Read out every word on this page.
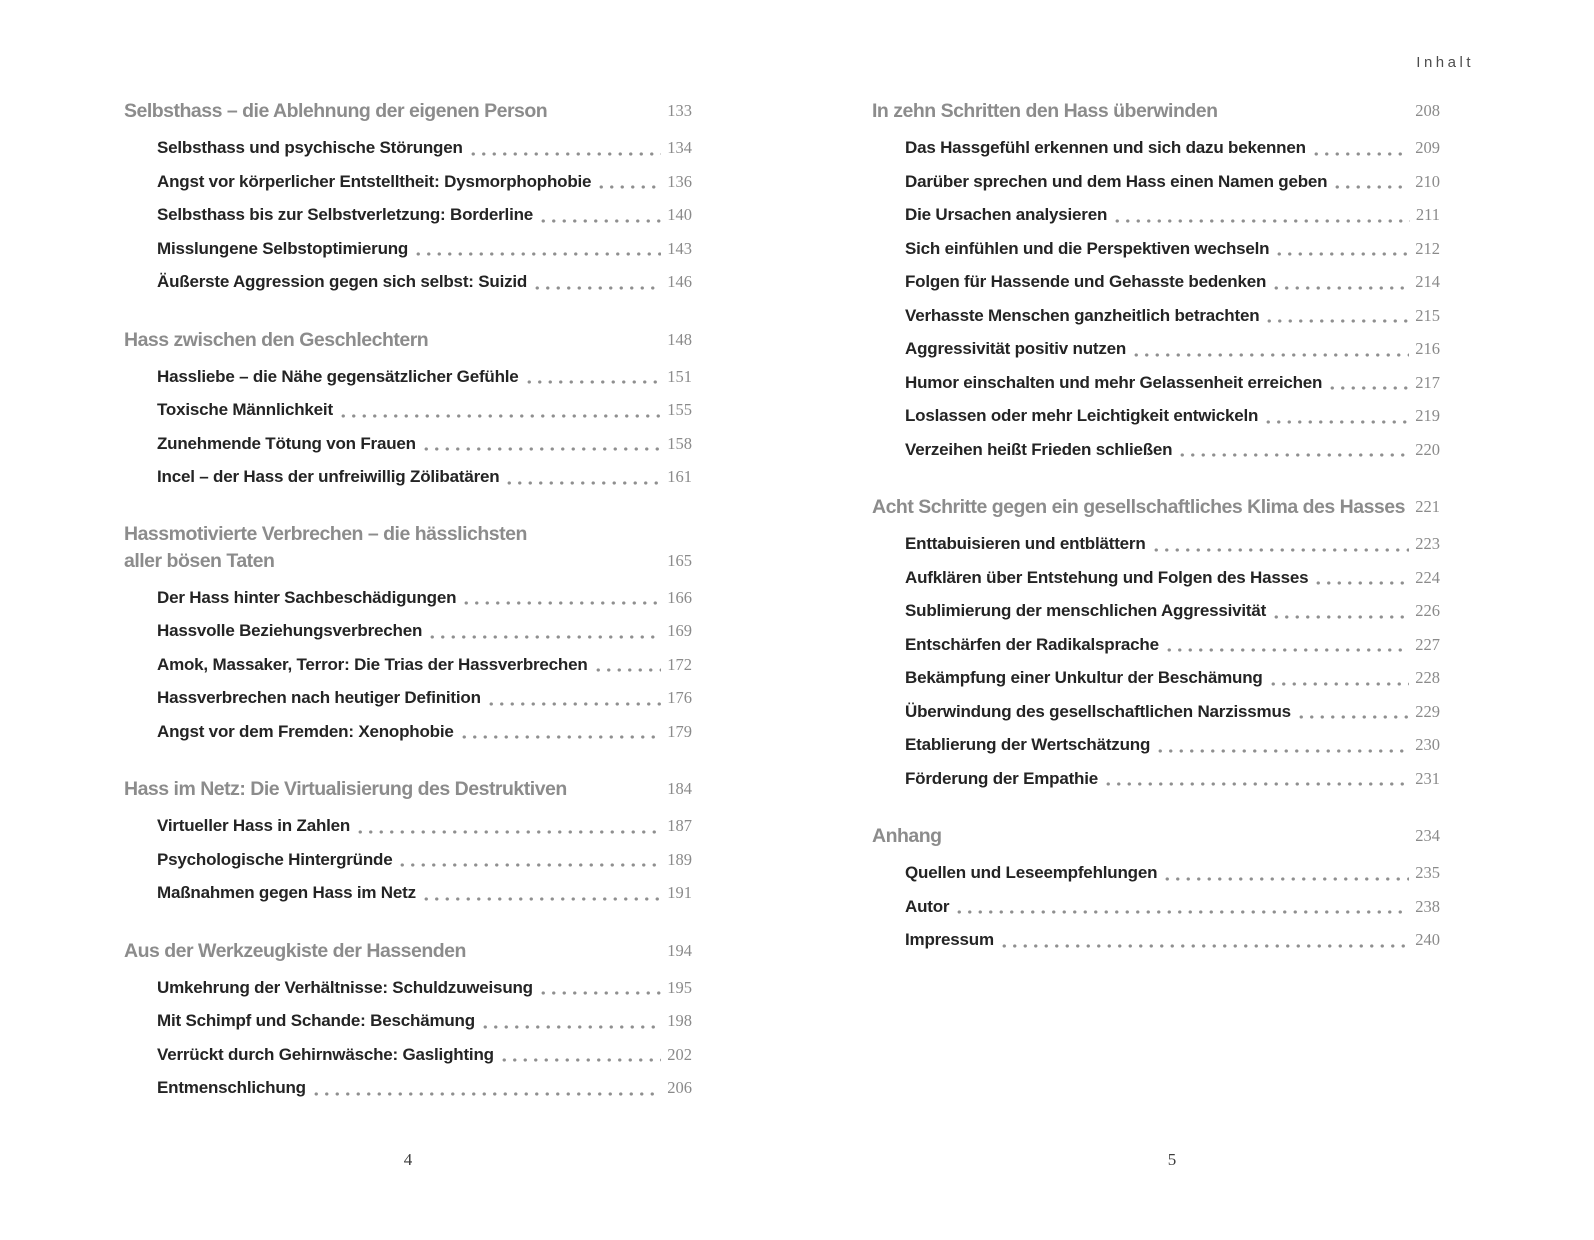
Inhalt
Selbsthass – die Ablehnung der eigenen Person	133
Selbsthass und psychische Störungen	134
Angst vor körperlicher Entstelltheit: Dysmorphophobie	136
Selbsthass bis zur Selbstverletzung: Borderline	140
Misslungene Selbstoptimierung	143
Äußerste Aggression gegen sich selbst: Suizid	146
Hass zwischen den Geschlechtern	148
Hassliebe – die Nähe gegensätzlicher Gefühle	151
Toxische Männlichkeit	155
Zunehmende Tötung von Frauen	158
Incel – der Hass der unfreiwillig Zölibatären	161
Hassmotivierte Verbrechen – die hässlichsten
aller bösen Taten	165
Der Hass hinter Sachbeschädigungen	166
Hassvolle Beziehungsverbrechen	169
Amok, Massaker, Terror: Die Trias der Hassverbrechen	172
Hassverbrechen nach heutiger Definition	176
Angst vor dem Fremden: Xenophobie	179
Hass im Netz: Die Virtualisierung des Destruktiven	184
Virtueller Hass in Zahlen	187
Psychologische Hintergründe	189
Maßnahmen gegen Hass im Netz	191
Aus der Werkzeugkiste der Hassenden	194
Umkehrung der Verhältnisse: Schuldzuweisung	195
Mit Schimpf und Schande: Beschämung	198
Verrückt durch Gehirnwäsche: Gaslighting	202
Entmenschlichung	206
In zehn Schritten den Hass überwinden	208
Das Hassgefühl erkennen und sich dazu bekennen	209
Darüber sprechen und dem Hass einen Namen geben	210
Die Ursachen analysieren	211
Sich einfühlen und die Perspektiven wechseln	212
Folgen für Hassende und Gehasste bedenken	214
Verhasste Menschen ganzheitlich betrachten	215
Aggressivität positiv nutzen	216
Humor einschalten und mehr Gelassenheit erreichen	217
Loslassen oder mehr Leichtigkeit entwickeln	219
Verzeihen heißt Frieden schließen	220
Acht Schritte gegen ein gesellschaftliches Klima des Hasses 221
Enttabuisieren und entblättern	223
Aufklären über Entstehung und Folgen des Hasses	224
Sublimierung der menschlichen Aggressivität	226
Entschärfen der Radikalsprache	227
Bekämpfung einer Unkultur der Beschämung	228
Überwindung des gesellschaftlichen Narzissmus	229
Etablierung der Wertschätzung	230
Förderung der Empathie	231
Anhang	234
Quellen und Leseempfehlungen	235
Autor	238
Impressum	240
4	5
